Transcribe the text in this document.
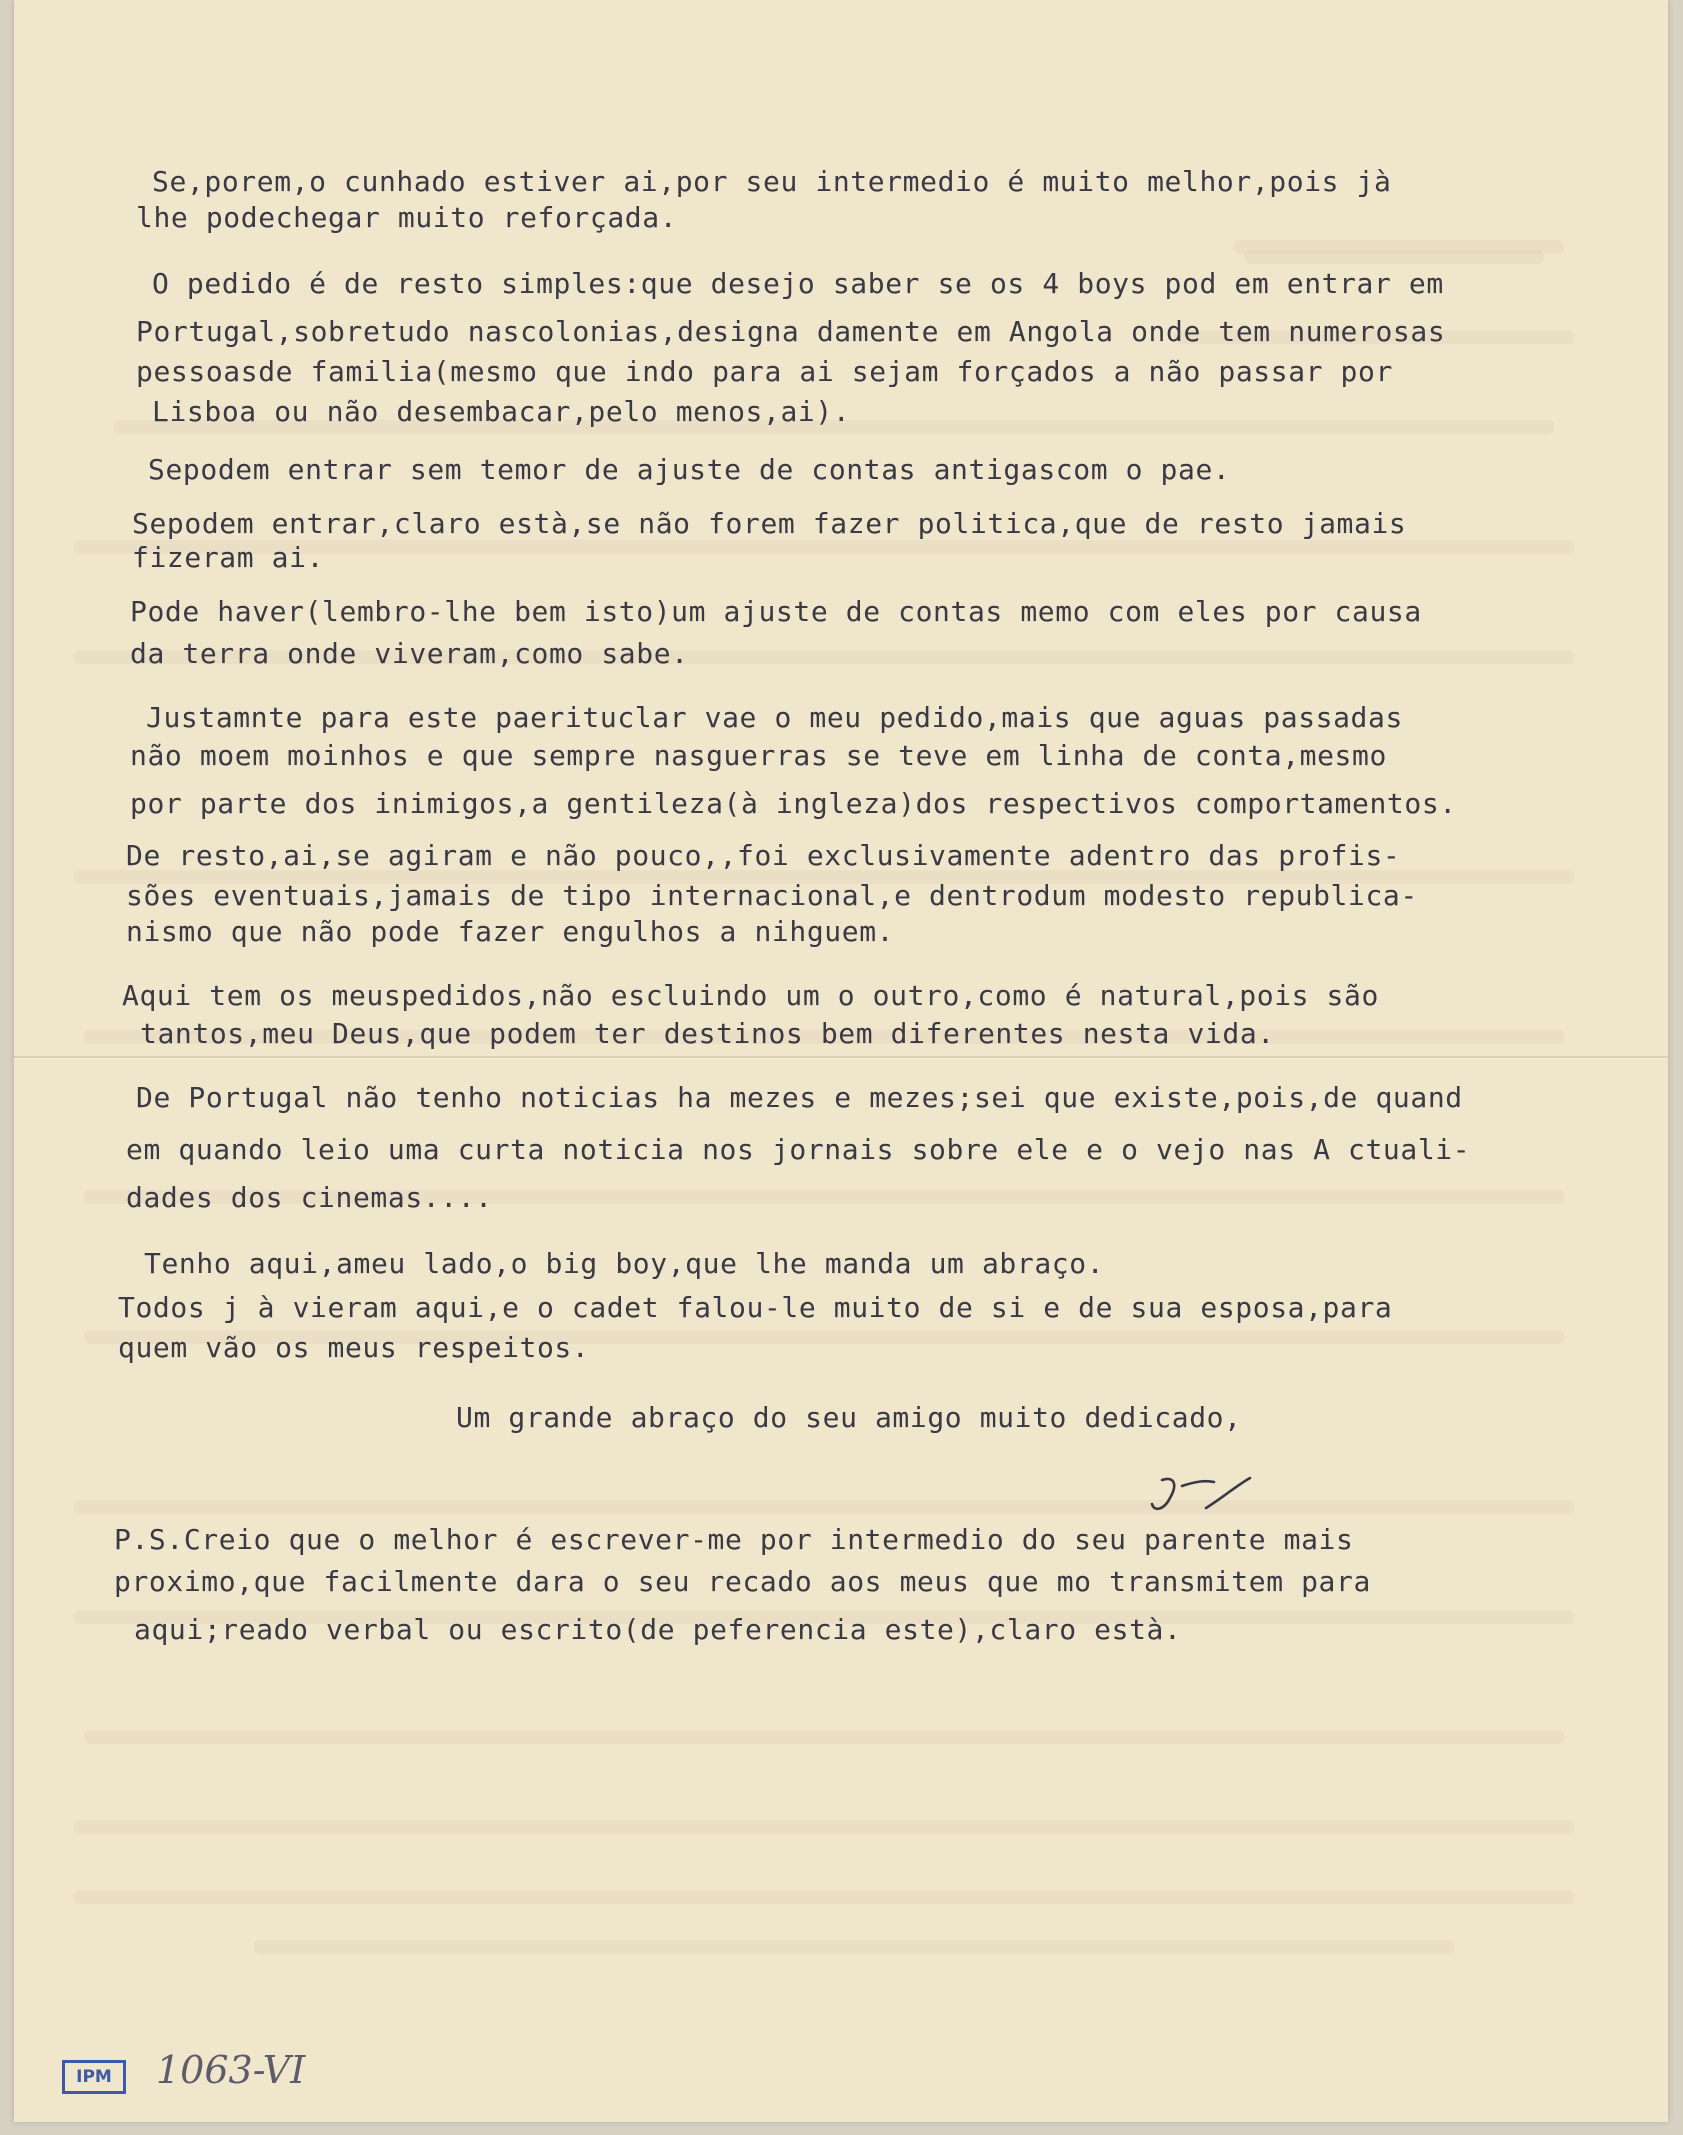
Se,porem,o cunhado estiver ai,por seu intermedio é muito melhor,pois jà

lhe podechegar muito reforçada.

O pedido é de resto simples:que desejo saber se os 4 boys pod em entrar em

Portugal,sobretudo nascolonias,designa damente em Angola onde tem numerosas

pessoasde familia(mesmo que indo para ai sejam forçados a não passar por

Lisboa ou não desembacar,pelo menos,ai).

Sepodem entrar sem temor de ajuste de contas antigascom o pae.

Sepodem entrar,claro està,se não forem fazer politica,que de resto jamais

fizeram ai.

Pode haver(lembro-lhe bem isto)um ajuste de contas memo com eles por causa

da terra onde viveram,como sabe.

Justamnte para este paerituclar vae o meu pedido,mais que aguas passadas

não moem moinhos e que sempre nasguerras se teve em linha de conta,mesmo

por parte dos inimigos,a gentileza(à ingleza)dos respectivos comportamentos.

De resto,ai,se agiram e não pouco,,foi exclusivamente adentro das profis-

sões eventuais,jamais de tipo internacional,e dentrodum modesto republica-

nismo que não pode fazer engulhos a nihguem.

Aqui tem os meuspedidos,não escluindo um o outro,como é natural,pois são

tantos,meu Deus,que podem ter destinos bem diferentes nesta vida.

De Portugal não tenho noticias ha mezes e mezes;sei que existe,pois,de quand

em quando leio uma curta noticia nos jornais sobre ele e o vejo nas A ctuali-

dades dos cinemas....

Tenho aqui,ameu lado,o big boy,que lhe manda um abraço.

Todos j à vieram aqui,e o cadet falou-le muito de si e de sua esposa,para

quem vão os meus respeitos.

Um grande abraço do seu amigo muito dedicado,

P.S.Creio que o melhor é escrever-me por intermedio do seu parente mais

proximo,que facilmente dara o seu recado aos meus que mo transmitem para

aqui;reado verbal ou escrito(de peferencia este),claro està.

IPM	1063-VI
